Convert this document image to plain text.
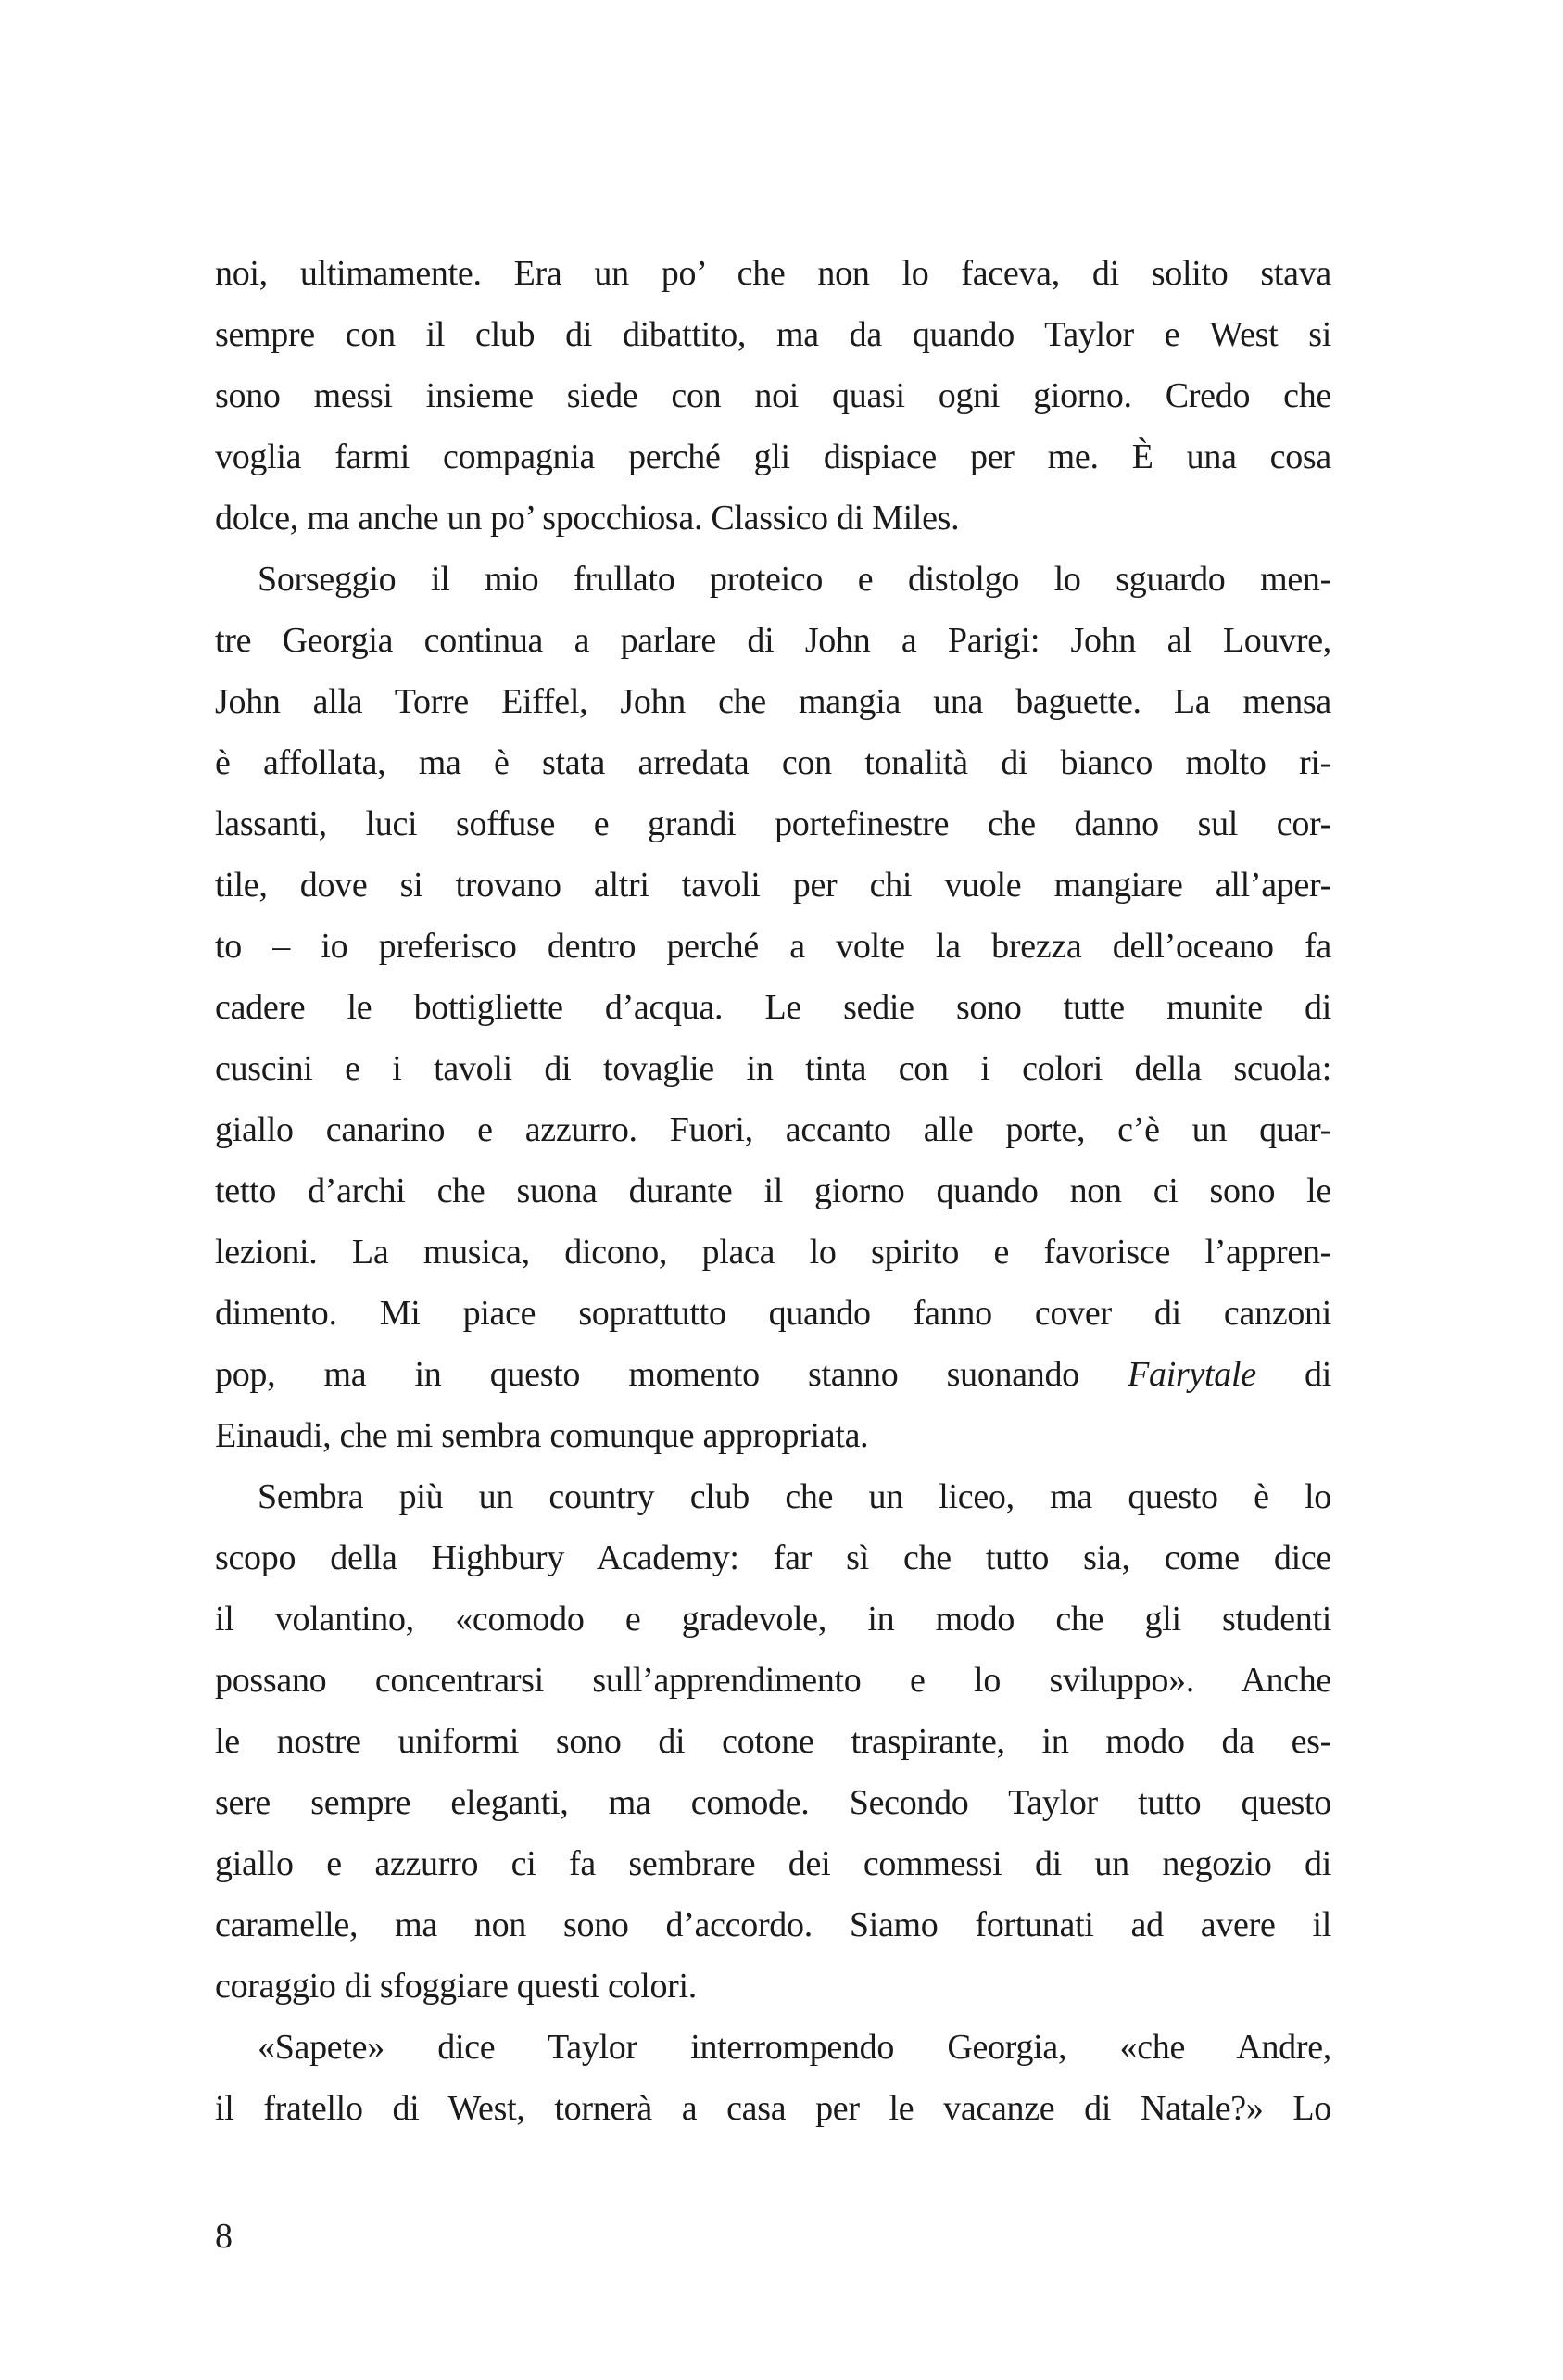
noi, ultimamente. Era un po’ che non lo faceva, di solito stava
sempre con il club di dibattito, ma da quando Taylor e West si
sono messi insieme siede con noi quasi ogni giorno. Credo che
voglia farmi compagnia perché gli dispiace per me. È una cosa
dolce, ma anche un po’ spocchiosa. Classico di Miles.
Sorseggio il mio frullato proteico e distolgo lo sguardo men-
tre Georgia continua a parlare di John a Parigi: John al Louvre,
John alla Torre Eiffel, John che mangia una baguette. La mensa
è affollata, ma è stata arredata con tonalità di bianco molto ri-
lassanti, luci soffuse e grandi portefinestre che danno sul cor-
tile, dove si trovano altri tavoli per chi vuole mangiare all’aper-
to – io preferisco dentro perché a volte la brezza dell’oceano fa
cadere le bottigliette d’acqua. Le sedie sono tutte munite di
cuscini e i tavoli di tovaglie in tinta con i colori della scuola:
giallo canarino e azzurro. Fuori, accanto alle porte, c’è un quar-
tetto d’archi che suona durante il giorno quando non ci sono le
lezioni. La musica, dicono, placa lo spirito e favorisce l’appren-
dimento. Mi piace soprattutto quando fanno cover di canzoni
pop, ma in questo momento stanno suonando Fairytale di
Einaudi, che mi sembra comunque appropriata.
Sembra più un country club che un liceo, ma questo è lo
scopo della Highbury Academy: far sì che tutto sia, come dice
il volantino, «comodo e gradevole, in modo che gli studenti
possano concentrarsi sull’apprendimento e lo sviluppo». Anche
le nostre uniformi sono di cotone traspirante, in modo da es-
sere sempre eleganti, ma comode. Secondo Taylor tutto questo
giallo e azzurro ci fa sembrare dei commessi di un negozio di
caramelle, ma non sono d’accordo. Siamo fortunati ad avere il
coraggio di sfoggiare questi colori.
«Sapete» dice Taylor interrompendo Georgia, «che Andre,
il fratello di West, tornerà a casa per le vacanze di Natale?» Lo
8
